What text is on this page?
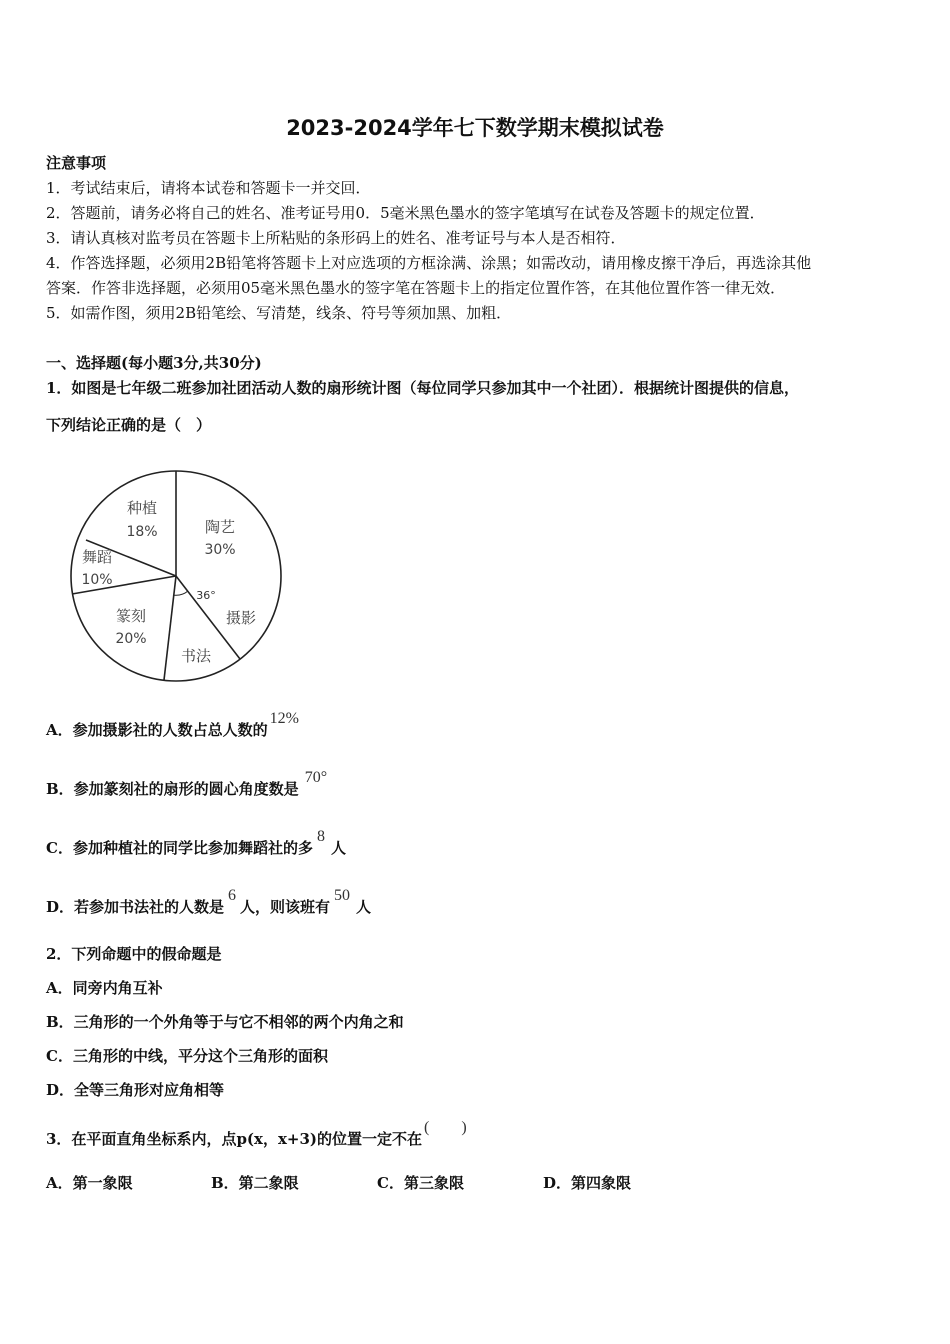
2023-2024学年七下数学期末模拟试卷
注意事项
1．考试结束后，请将本试卷和答题卡一并交回．
2．答题前，请务必将自己的姓名、准考证号用0．5毫米黑色墨水的签字笔填写在试卷及答题卡的规定位置．
3．请认真核对监考员在答题卡上所粘贴的条形码上的姓名、准考证号与本人是否相符．
4．作答选择题，必须用2B铅笔将答题卡上对应选项的方框涂满、涂黑；如需改动，请用橡皮擦干净后，再选涂其他
答案．作答非选择题，必须用05毫米黑色墨水的签字笔在答题卡上的指定位置作答，在其他位置作答一律无效．
5．如需作图，须用2B铅笔绘、写清楚，线条、符号等须加黑、加粗．
一、选择题(每小题3分,共30分)
1．如图是七年级二班参加社团活动人数的扇形统计图（每位同学只参加其中一个社团）．根据统计图提供的信息，
下列结论正确的是（　）
陶艺
30%
摄影
书法
36°
篆刻
20%
舞蹈
10%
种植
18%
A．参加摄影社的人数占总人数的12%
B．参加篆刻社的扇形的圆心角度数是70°
C．参加种植社的同学比参加舞蹈社的多8人
D．若参加书法社的人数是6人，则该班有50人
2．下列命题中的假命题是
A．同旁内角互补
B．三角形的一个外角等于与它不相邻的两个内角之和
C．三角形的中线，平分这个三角形的面积
D．全等三角形对应角相等
3．在平面直角坐标系内，点p(x，x+3)的位置一定不在(　　)
A．第一象限	B．第二象限	C．第三象限	D．第四象限
